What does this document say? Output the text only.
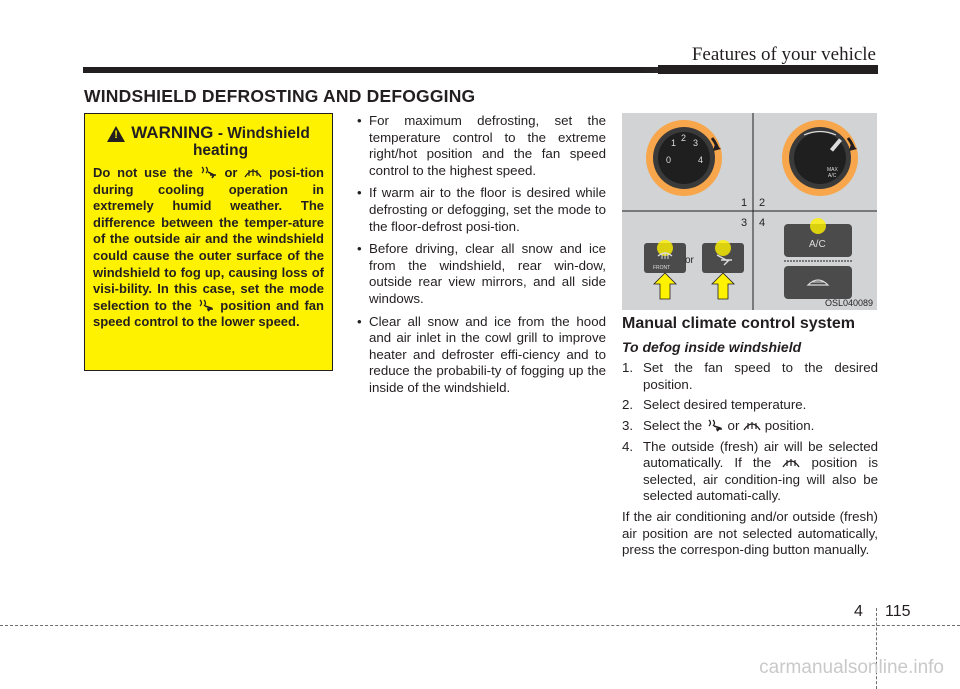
Features of your vehicle
WINDSHIELD DEFROSTING AND DEFOGGING
!
WARNING - Windshield
heating
Do not use the or posi-tion during cooling operation in extremely humid weather. The difference between the temper-ature of the outside air and the windshield could cause the outer surface of the windshield to fog up, causing loss of visi-bility. In this case, set the mode selection to the position and fan speed control to the lower speed.
• For maximum defrosting, set the temperature control to the extreme right/hot position and the fan speed control to the highest speed.
• If warm air to the floor is desired while defrosting or defogging, set the mode to the floor-defrost posi-tion.
• Before driving, clear all snow and ice from the windshield, rear win-dow, outside rear view mirrors, and all side windows.
• Clear all snow and ice from the hood and air inlet in the cowl grill to improve heater and defroster effi-ciency and to reduce the probabili-ty of fogging up the inside of the windshield.
1 2 3
0	4
MAX
A/C
1 2
3 4
or
FRONT
A/C
OSL040089
Manual climate control system
To defog inside windshield
1. Set the fan speed to the desired position.
2. Select desired temperature.
3. Select the or position.
4. The outside (fresh) air will be selected automatically. If the	position is selected, air condition-ing will also be selected automati-cally.
If the air conditioning and/or outside (fresh) air position are not selected automatically, press the correspon-ding button manually.
4 115
carmanualsonline.info
